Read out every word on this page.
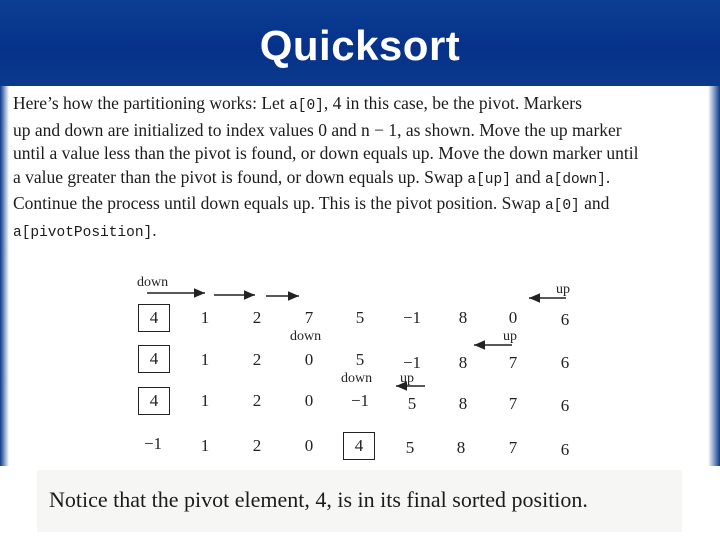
Quicksort
Here’s how the partitioning works: Let a[0], 4 in this case, be the pivot. Markers
up and down are initialized to index values 0 and n − 1, as shown. Move the up marker
until a value less than the pivot is found, or down equals up. Move the down marker until
a value greater than the pivot is found, or down equals up. Swap a[up] and a[down].
Continue the process until down equals up. This is the pivot position. Swap a[0] and
a[pivotPosition].
down	up
down	up
down up
4	1	2	7	5	−1	8	0	6
4	1	2	0	5	−1	8	7	6
4	1	2	0	−1	5	8	7	6
−1	1	2	0	4	5	8	7	6

Notice that the pivot element, 4, is in its final sorted position.
